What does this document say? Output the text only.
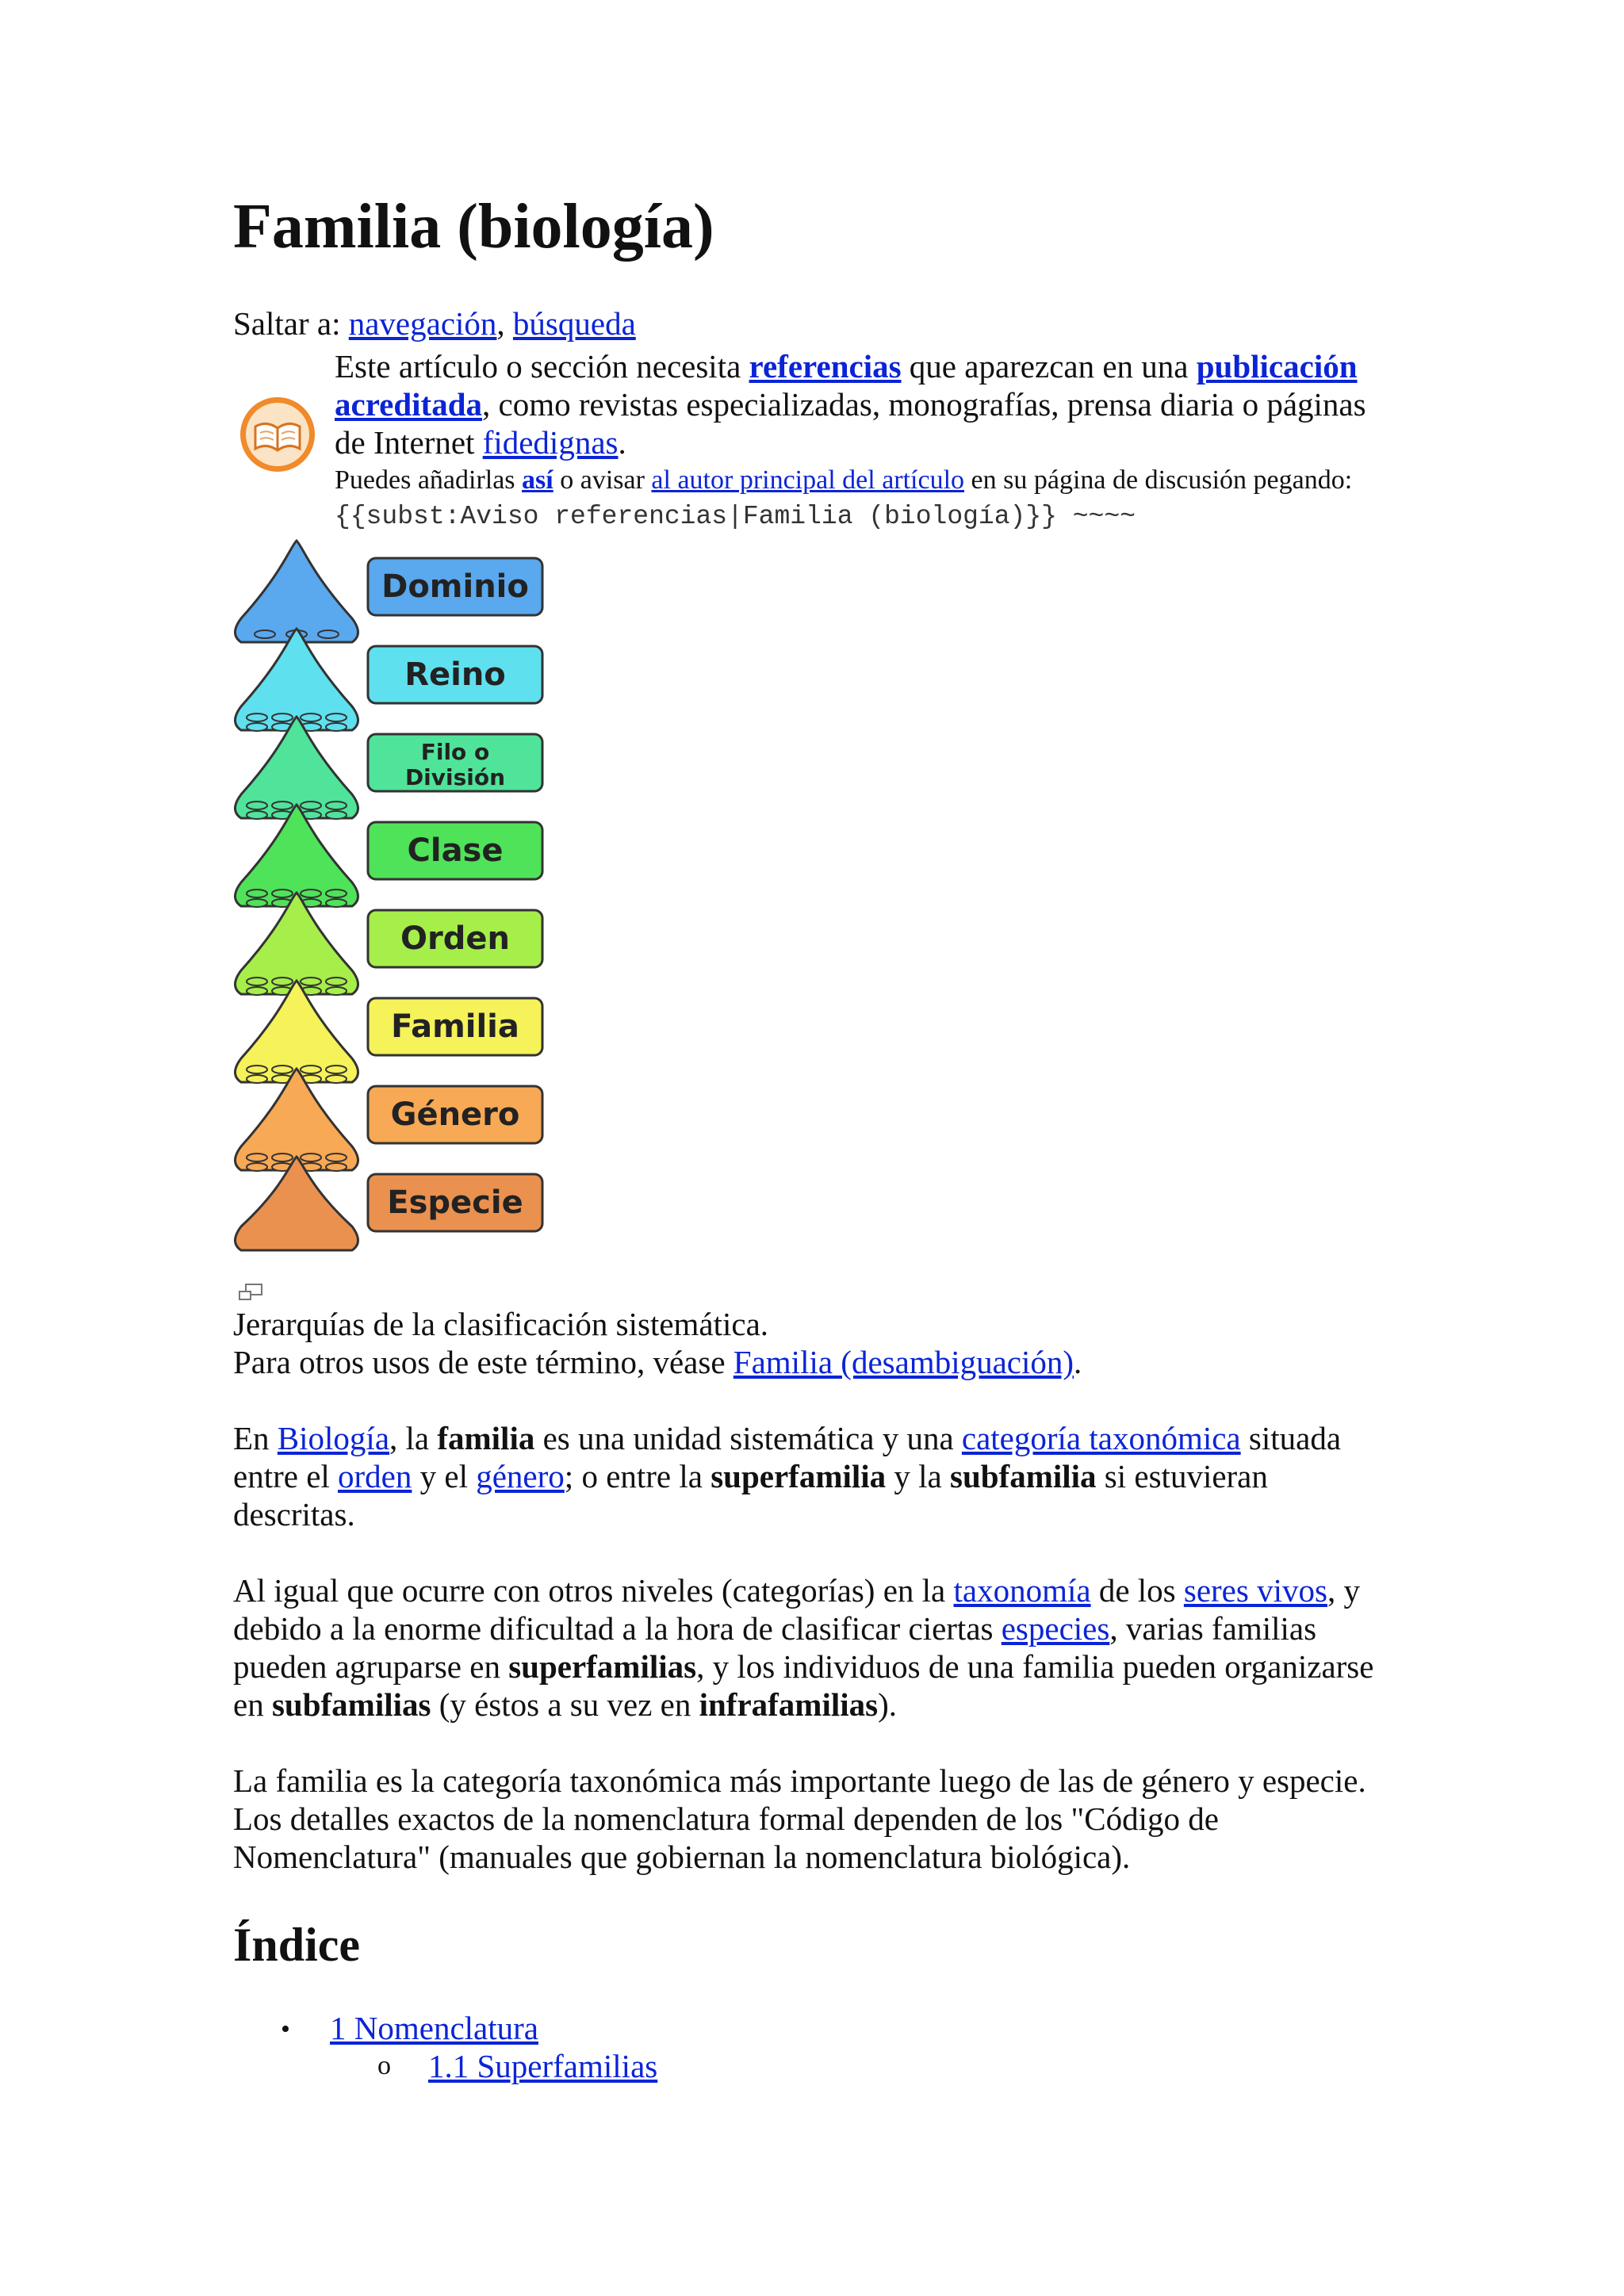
Familia (biología)
Saltar a: navegación, búsqueda
Este artículo o sección necesita referencias que aparezcan en una publicación acreditada, como revistas especializadas, monografías, prensa diaria o páginas de Internet fidedignas.
Puedes añadirlas así o avisar al autor principal del artículo en su página de discusión pegando: {{subst:Aviso referencias|Familia (biología)}} ~~~~
Dominio
Reino
Filo o
División
Clase
Orden
Familia
Género
Especie
Jerarquías de la clasificación sistemática.
Para otros usos de este término, véase Familia (desambiguación).

En Biología, la familia es una unidad sistemática y una categoría taxonómica situada entre el orden y el género; o entre la superfamilia y la subfamilia si estuvieran descritas.

Al igual que ocurre con otros niveles (categorías) en la taxonomía de los seres vivos, y debido a la enorme dificultad a la hora de clasificar ciertas especies, varias familias pueden agruparse en superfamilias, y los individuos de una familia pueden organizarse en subfamilias (y éstos a su vez en infrafamilias).

La familia es la categoría taxonómica más importante luego de las de género y especie. Los detalles exactos de la nomenclatura formal dependen de los "Código de Nomenclatura" (manuales que gobiernan la nomenclatura biológica).

Índice
• 1 Nomenclatura
o 1.1 Superfamilias
